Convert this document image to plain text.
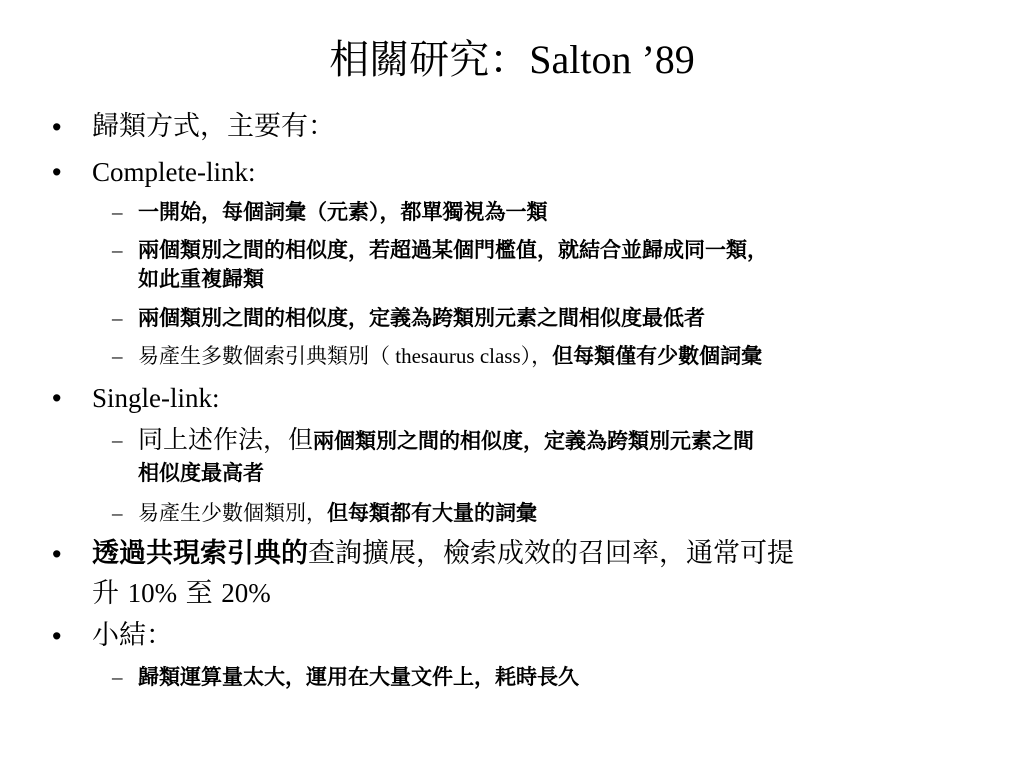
相關研究：Salton ’89
• 歸類方式，主要有：
• Complete-link:
– 一開始，每個詞彙（元素），都單獨視為一類
– 兩個類別之間的相似度，若超過某個門檻值，就結合並歸成同一類，
如此重複歸類
– 兩個類別之間的相似度，定義為跨類別元素之間相似度最低者
– 易產生多數個索引典類別（ thesaurus class），但每類僅有少數個詞彙
• Single-link:
– 同上述作法，但兩個類別之間的相似度，定義為跨類別元素之間
相似度最高者
– 易產生少數個類別，但每類都有大量的詞彙
• 透過共現索引典的查詢擴展，檢索成效的召回率，通常可提
升 10% 至 20%
• 小結：
– 歸類運算量太大，運用在大量文件上，耗時長久
